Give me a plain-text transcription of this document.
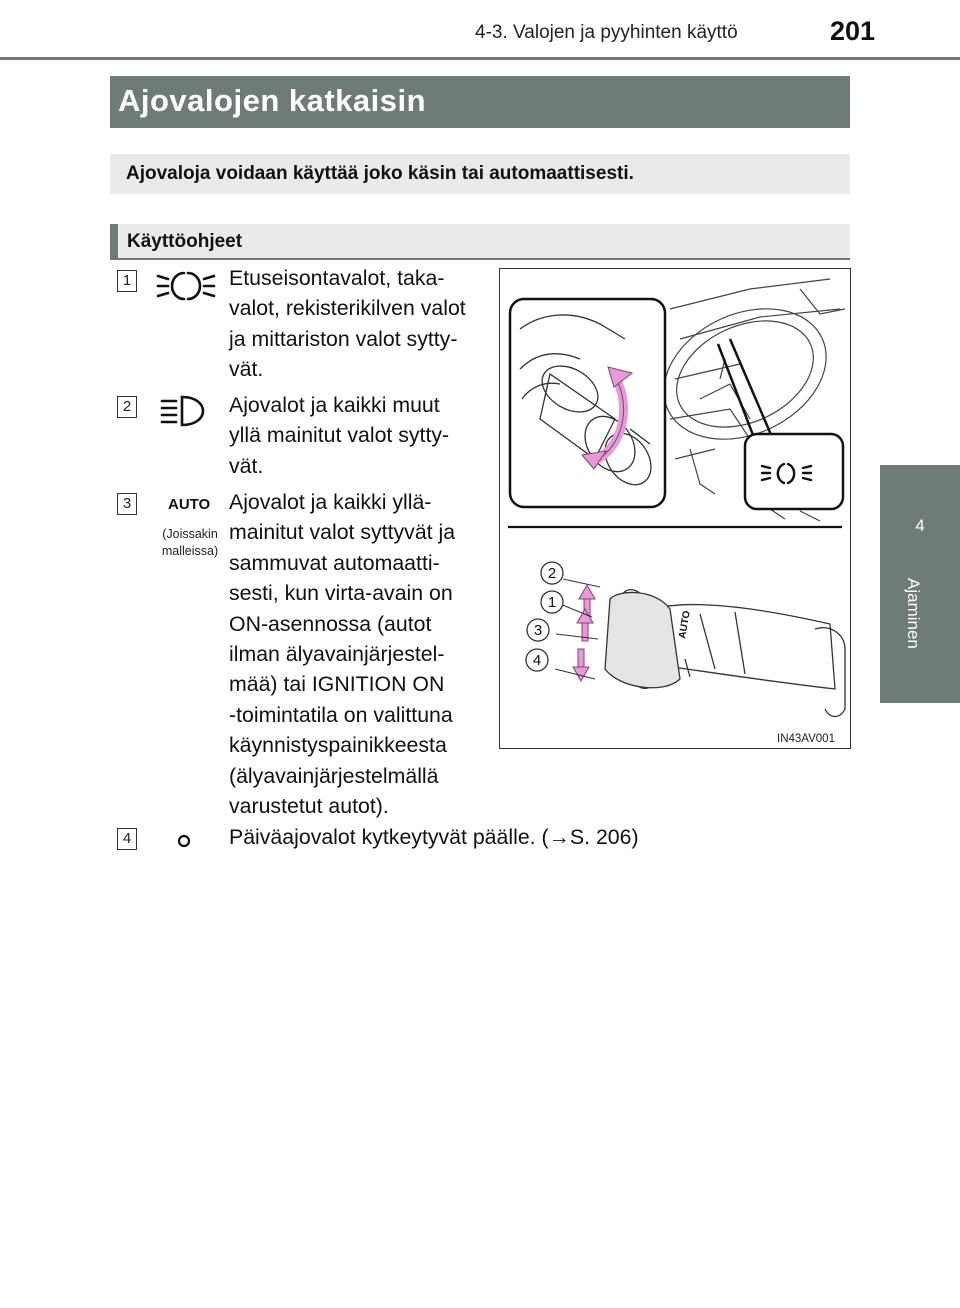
4-3. Valojen ja pyyhinten käyttö	201
4
Ajaminen
Ajovalojen katkaisin
Ajovaloja voidaan käyttää joko käsin tai automaattisesti.
Käyttöohjeet
1	Etuseisontavalot, taka-
valot, rekisterikilven valot
ja mittariston valot sytty-
vät.
2	Ajovalot ja kaikki muut
yllä mainitut valot sytty-
vät.
3	AUTO
(Joissakin
malleissa)
Ajovalot ja kaikki yllä-
mainitut valot syttyvät ja
sammuvat automaatti-
sesti, kun virta-avain on
ON-asennossa (autot
ilman älyavainjärjestel-
mää) tai IGNITION ON
-toimintatila on valittuna
käynnistyspainikkeesta
(älyavainjärjestelmällä
varustetut autot).
4	Päiväajovalot kytkeytyvät päälle. (→S. 206)
AUTO
2
1
3
4
IN43AV001
